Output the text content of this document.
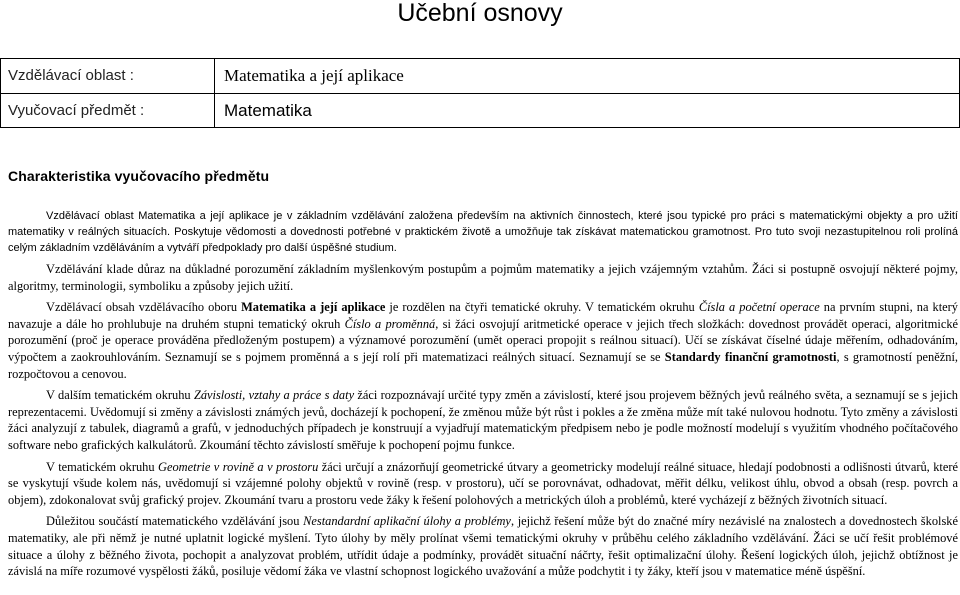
Učební osnovy
Vzdělávací oblast :	Matematika a její aplikace
Vyučovací předmět :	Matematika
Charakteristika vyučovacího předmětu

Vzdělávací oblast Matematika a její aplikace je v základním vzdělávání založena především na aktivních činnostech, které jsou typické pro práci s matematickými objekty a pro užití matematiky v reálných situacích. Poskytuje vědomosti a dovednosti potřebné v praktickém životě a umožňuje tak získávat matematickou gramotnost. Pro tuto svoji nezastupitelnou roli prolíná celým základním vzděláváním a vytváří předpoklady pro další úspěšné studium.

Vzdělávání klade důraz na důkladné porozumění základním myšlenkovým postupům a pojmům matematiky a jejich vzájemným vztahům. Žáci si postupně osvojují některé pojmy, algoritmy, terminologii, symboliku a způsoby jejich užití.

Vzdělávací obsah vzdělávacího oboru Matematika a její aplikace je rozdělen na čtyři tematické okruhy. V tematickém okruhu Čísla a početní operace na prvním stupni, na který navazuje a dále ho prohlubuje na druhém stupni tematický okruh Číslo a proměnná, si žáci osvojují aritmetické operace v jejich třech složkách: dovednost provádět operaci, algoritmické porozumění (proč je operace prováděna předloženým postupem) a významové porozumění (umět operaci propojit s reálnou situací). Učí se získávat číselné údaje měřením, odhadováním, výpočtem a zaokrouhlováním. Seznamují se s pojmem proměnná a s její rolí při matematizaci reálných situací. Seznamují se se Standardy finanční gramotnosti, s gramotností peněžní, rozpočtovou a cenovou.

V dalším tematickém okruhu Závislosti, vztahy a práce s daty žáci rozpoznávají určité typy změn a závislostí, které jsou projevem běžných jevů reálného světa, a seznamují se s jejich reprezentacemi. Uvědomují si změny a závislosti známých jevů, docházejí k pochopení, že změnou může být růst i pokles a že změna může mít také nulovou hodnotu. Tyto změny a závislosti žáci analyzují z tabulek, diagramů a grafů, v jednoduchých případech je konstruují a vyjadřují matematickým předpisem nebo je podle možností modelují s využitím vhodného počítačového software nebo grafických kalkulátorů. Zkoumání těchto závislostí směřuje k pochopení pojmu funkce.

V tematickém okruhu Geometrie v rovině a v prostoru žáci určují a znázorňují geometrické útvary a geometricky modelují reálné situace, hledají podobnosti a odlišnosti útvarů, které se vyskytují všude kolem nás, uvědomují si vzájemné polohy objektů v rovině (resp. v prostoru), učí se porovnávat, odhadovat, měřit délku, velikost úhlu, obvod a obsah (resp. povrch a objem), zdokonalovat svůj grafický projev. Zkoumání tvaru a prostoru vede žáky k řešení polohových a metrických úloh a problémů, které vycházejí z běžných životních situací.

Důležitou součástí matematického vzdělávání jsou Nestandardní aplikační úlohy a problémy, jejichž řešení může být do značné míry nezávislé na znalostech a dovednostech školské matematiky, ale při němž je nutné uplatnit logické myšlení. Tyto úlohy by měly prolínat všemi tematickými okruhy v průběhu celého základního vzdělávání. Žáci se učí řešit problémové situace a úlohy z běžného života, pochopit a analyzovat problém, utřídit údaje a podmínky, provádět situační náčrty, řešit optimalizační úlohy. Řešení logických úloh, jejichž obtížnost je závislá na míře rozumové vyspělosti žáků, posiluje vědomí žáka ve vlastní schopnost logického uvažování a může podchytit i ty žáky, kteří jsou v matematice méně úspěšní.
